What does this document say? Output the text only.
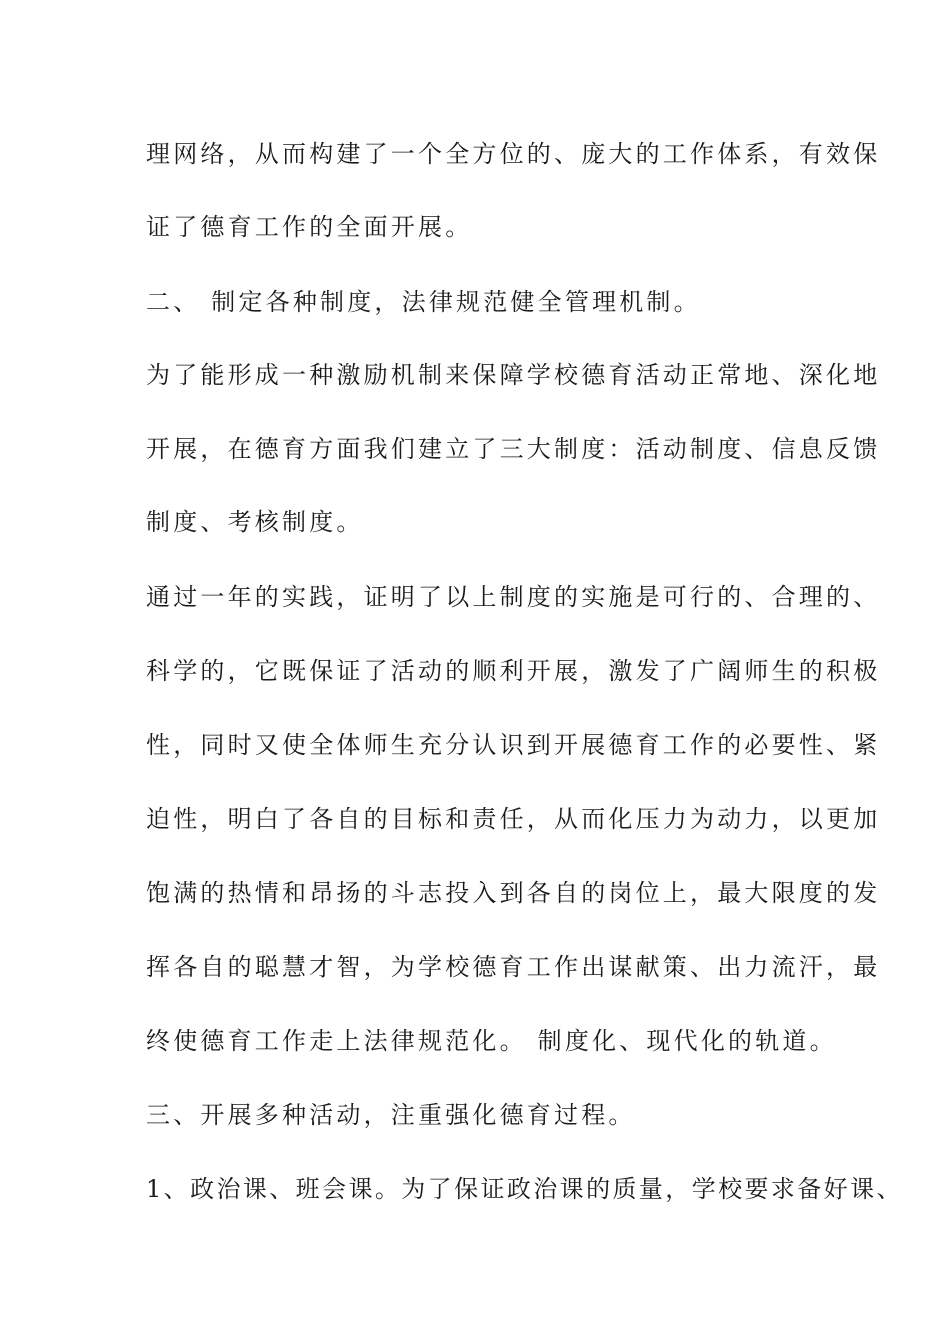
理网络，从而构建了一个全方位的、庞大的工作体系，有效保
证了德育工作的全面开展。
二、 制定各种制度，法律规范健全管理机制。
为了能形成一种激励机制来保障学校德育活动正常地、深化地
开展，在德育方面我们建立了三大制度：活动制度、信息反馈
制度、考核制度。
通过一年的实践，证明了以上制度的实施是可行的、合理的、
科学的，它既保证了活动的顺利开展，激发了广阔师生的积极
性，同时又使全体师生充分认识到开展德育工作的必要性、紧
迫性，明白了各自的目标和责任，从而化压力为动力，以更加
饱满的热情和昂扬的斗志投入到各自的岗位上，最大限度的发
挥各自的聪慧才智，为学校德育工作出谋献策、出力流汗，最
终使德育工作走上法律规范化。 制度化、现代化的轨道。
三、开展多种活动，注重强化德育过程。
1、政治课、班会课。为了保证政治课的质量，学校要求备好课、
